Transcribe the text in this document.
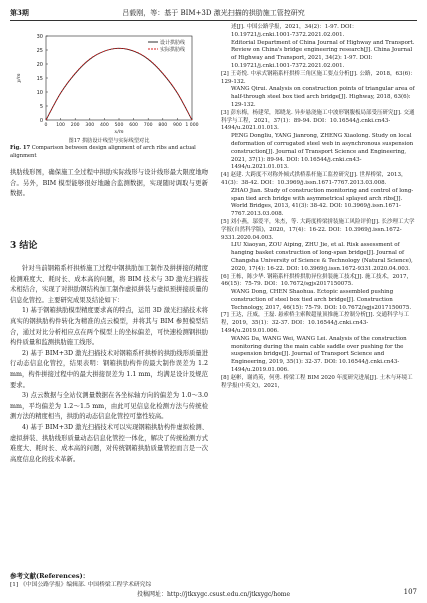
第3期	吕毅刚，等：基于 BIM+3D 激光扫描的拱肋施工管控研究
30
25
20
15
10
5
0
0 100 200 300 400 500 600 700 800 900 1 000
x/m
y/m
设计拱肋线
实际拱肋线
图17 拱肋设计线型与实际线型对比
Fig. 17 Comparison between design alignment of arch ribs and actual alignment
拱肋线形图，确保施工全过程中拱肋实际线形与设计线形最大限度地吻合。另外，BIM 模型能够很好地融合监测数据，实现随时调取与更新数据。
3 结论
针对当前钢箱系杆拱桥施工过程中钢拱肋加工制作及拼拼接的精度检测难度大、耗时长、成本高的问题，将 BIM 技术与 3D 激光扫描技术相结合，实现了对拱肋钢结构加工制作虚拟拼装与虚拟预拼接质量的信息化管控。主要研究成果及结论如下：
1) 基于钢箱拱肋模型精度要求高的特点，运用 3D 激光扫描技术将真实的钢拱肋构件转化为精准的点云模型，并将其与 BIM 参照模型结合，通过对比分析相应点在两个模型上的坐标偏差，可快速检测钢拱肋构件质量和监测拱肋施工线形。
2) 基于 BIM+3D 激光扫描技术对钢箱系杆拱桥的拱肋线形质量进行动态信息化管控，结果表明：钢箱拱肋构件的最大制作误差为 1.2 mm，构件拼接过程中的最大拼接误差为 1.1 mm，均满足设计及规范要求。
3) 点云数据与全站仪测量数据在各坐标轴方向的偏差为 1.0～3.0 mm，平均偏差为 1.2～1.5 mm，由此可见信息化检测方法与传统检测方法的精度相当，拱肋的动态信息化管控可靠性较高。
4) 基于 BIM+3D 激光扫描技术可以实现钢箱拱肋构件虚拟检测、虚拟拼装、拱肋线形质量动态信息化管控一体化，解决了传统检测方式难度大、耗时长、成本高的问题，对传统钢箱拱肋质量管控而言是一次高度信息化的技术革新。
参考文献(References)：
[1] 《中国公路学报》编辑部. 中国桥梁工程学术研究综
述[J]. 中国公路学报，2021，34(2)：1-97. DOI：10.19721/j.cnki.1001-7372.2021.02.001.
Editorial Department of China Journal of Highway and Transport. Review on China's bridge engineering research[J]. China Journal of Highway and Transport, 2021, 34(2): 1-97. DOI: 10.19721/j.cnki.1001-7372.2021.02.001.
[2] 王奇悦. 中承式钢箱系杆拱桥三角区施工要点分析[J]. 公路，2018，63(6)：129-132.
WANG Qirui. Analysis on construction points of triangular area of half-through steel box tied arch bridge[J]. Highway, 2018, 63(6): 129-132.
[3] 彭东梅，杨建荣，郑晓龙. 异步悬浇施工中波形钢腹板局部受压研究[J]. 交通科学与工程，2021，37(1)：89-94. DOI：10.16544/j.cnki.cn43-1494/u.2021.01.013.
PENG Dongliu, YANG Jianrong, ZHENG Xiaolong. Study on local deformation of corrugated steel web in asynchronous suspension construction[J]. Journal of Transport Science and Engineering, 2021, 37(1): 89-94. DOI: 10.16544/j.cnki.cn43-1494/u.2021.01.013.
[4] 赵建. 大跨度不对称外倾式拱桥系杆施工监控研究[J]. 世界桥梁，2013，41(3)：38-42. DOI：10.3969/j.issn.1671-7767.2013.03.008.
ZHAO Jian. Study of construction monitoring and control of long-span tied arch bridge with asymmetrical splayed arch ribs[J]. World Bridges, 2013, 41(3): 38-42. DOI: 10.3969/j.issn.1671-7767.2013.03.008.
[5] 刘小燕，邬爱平，朱杰，等. 大跨度桥梁拼装施工风险评价[J]. 长沙理工大学学报(自然科学版)，2020，17(4)：16-22. DOI：10.3969/j.issn.1672-9331.2020.04.003.
LIU Xiaoyan, ZOU Aiping, ZHU Jie, et al. Risk assessment of hanging basket construction of long-span bridge[J]. Journal of Changsha University of Science & Technology (Natural Science), 2020, 17(4): 16-22. DOI: 10.3969/j.issn.1672-9331.2020.04.003.
[6] 王栋，陈少华. 钢箱系杆拱桥拱肋异位拼装施工技术[J]. 施工技术，2017，46(15)：75-79. DOI：10.7672/sgjs2017150075.
WANG Dong, CHEN Shaohua. Ectopic assembled pushing construction of steel box tied arch bridge[J]. Construction Technology, 2017, 46(15): 75-79. DOI: 10.7672/sgjs2017150075.
[7] 王达，汪威，王磊. 悬索桥主索鞍超量顶推施工控制分析[J]. 交通科学与工程，2019，35(1)：32-37. DOI：10.16544/j.cnki.cn43-1494/u.2019.01.006.
WANG Da, WANG Wei, WANG Lei. Analysis of the construction monitoring during the main cable saddle over pushing for the suspension bridge[J]. Journal of Transport Science and Engineering, 2019, 35(1): 32-37. DOI: 10.16544/j.cnki.cn43-1494/u.2019.01.006.
[8] 赵彬，谢尚英，何勇. 桥梁工程 BIM 2020 年度研究进展[J]. 土木与环境工程学报(中英文)，2021，
投稿网址：http://jtkxygc.csust.edu.cn/jtkxygc/home	107
